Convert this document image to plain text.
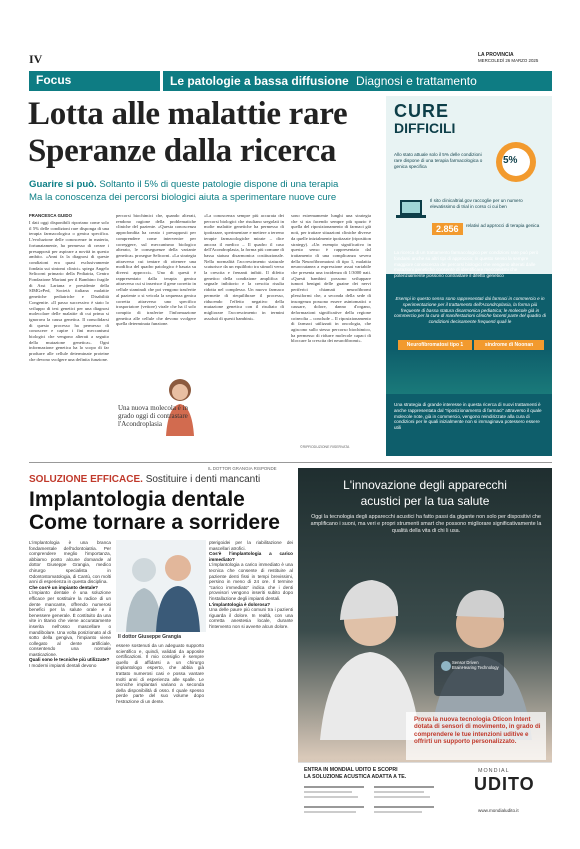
IV	LA PROVINCIA
MERCOLEDÌ 26 MARZO 2025
Focus	Le patologie a bassa diffusione Diagnosi e trattamento
Lotta alle malattie rare
Speranze dalla ricerca
Guarire si può. Soltanto il 5% di queste patologie dispone di una terapia
Ma la conoscenza dei percorsi biologici aiuta a sperimentare nuove cure
FRANCESCA GUIDO
I dati oggi disponibili riportano come solo il 5% delle condizioni rare disponga di una terapia farmacologica o genica specifica. L'evoluzione delle conoscenze in materia, fortunatamente, ha permesso di creare i presupposti per aspirare a novità in questo ambito. «Anni fa la diagnosi di queste condizioni era quasi esclusivamente fondata sui sintomi clinici» spiega Angelo Selicorni primario della Pediatria, Centro Fondazione Mariani per il Bambino fragile di Asst Lariana e presidente della SIMGePed, Società italiana malattie genetiche pediatriche e Disabilità Congenite. «Il passo successivo è stato lo sviluppo di test genetici per una diagnosi molecolare delle malattie di cui prima si ignorava la causa genetica. Il consolidarsi di questo processo ha permesso di conoscere e capire i fini meccanismi biologici che vengono alterati a seguito della mutazione genetica». Ogni informazione genetica ha lo scopo di far produrre alle cellule determinate proteine che devono svolgere una definita funzione.
percorsi biochimici che, quando alterati, rendono ragione della problematiche cliniche del paziente. «Questa conoscenza approfondita ha creato i presupposti per comprendere come intervenire per correggere, sul meccanismo biologico alterato, le conseguenze della variante genetica» prosegue Selicorni. «La strategia attraverso cui tentare di ottenere una modifica del quadro patologico è basata su diversi approcci». Uno di questi è rappresentato dalla terapia genica attraverso cui si inserisce il gene corretto in cellule staminali che poi vengono trasferite al paziente o si veicola la sequenza genica corretta attraverso uno specifico trasportatore (vettore) virale che ha il solo compito di trasferire l'informazione genetica alle cellule che devono svolgere quella determinata funzione.
«La conoscenza sempre più accurata dei percorsi biologici che risultano sregolati in molte malattie genetiche ha permesso di ipotizzare, sperimentare e mettere a terreno terapie farmacologiche mirate – dice ancora il medico – Il quadro il caso dell'Acondroplasia, la forma più comune di bassa statura disarmonica costituzionale. Nella normalità l'accrescimento staturale scaturisce da un equilibrio tra stimoli verso la crescita e frenanti inibiti. Il difetto genetico della condizione amplifica il segnale inibitorio e la crescita risulta ridotta nel complesso. Un nuovo farmaco permette di riequilibrare il processo, riducendo l'effetto negativo della mutazione genetica con il risultato di migliorare l'accrescimento in termini assoluti di questi bambini».
sono estremamente lunghi una strategia che si sta facendo sempre più spazio è quella del riposizionamento di farmaci già noti, per trattare situazioni cliniche diverse da quelle inizialmente ipotizzate (riposition strategy). «Un esempio significativo in questo senso è rappresentato dal trattamento di una complicanza severa della Neurofibromatosi di tipo 1, malattia neurocutanea a espressione assai variabile che presenta una incidenza di 1/3000 nati. «Questi bambini possono sviluppare tumori benigni delle guaine dei nervi periferici chiamati neurofibromi plessiformi che, a seconda della sede di insorgenza possono essere asintomatici o causare, dolore, danno d'organo, deformazioni significative della regione coinvolta – conclude – Il riposizionamento di farmaci utilizzati in oncologia, che agiscono sullo stesso percorso biochimico, ha permesso di ridurre molecole capaci di bloccare la crescita dei neurofibromi».
Una nuova molecola è in grado oggi di contrastare l'Acondroplasia
©RIPRODUZIONE RISERVATA
CURE
DIFFICILI
Allo stato attuale solo il 5% delle condizioni rare dispone di una terapia farmacologica o genica specifica
5%
Il sito clinicaltrial.gov raccoglie per un numero elevatissimo di trial in corso ci cui ben
2.856	relativi ad approcci di terapia genica
La ricerca di un trattamento farmacologico per condizioni rare può però fondarsi anche su altri tipi di approccio; in questo senso la sempre maggiore conoscenza dei percorsi biologici che vengono alterati dalle mutazioni genetiche consente di identificare meccanismi che potenzialmente possono contrastare il difetto genetico
Esempi in questo senso sono rappresentati dai farmaci in commercio e in sperimentazione per il trattamento dell'Acondroplasia, la forma più frequente di bassa statura disarmonica pediatrica; le molecole già in commercio per la cura di manifestazioni cliniche facenti parte del quadro di condizioni decisamente frequenti quali le
Neurofibromatosi tipo 1	sindrome di Noonan
Una strategia di grande interesse in questa ricerca di nuovi trattamenti è anche rappresentata dal "riposizionamento di farmaci" attraverso il quale molecole note, già in commercio, vengono reindirizzate alla cura di condizioni per le quali inizialmente non si immaginava potessero essere utili
IL DOTTOR GRANGIA RISPONDE
SOLUZIONE EFFICACE. Sostituire i denti mancanti
Implantologia dentale
Come tornare a sorridere
L'implantologia è una branca fondamentale dell'odontoiatria. Per comprendere meglio l'importanza, abbiamo posto alcune domande al dottor Giuseppe Grangia, medico chirurgo specialista in Odontostomatologia, di Cantù, con molti anni di esperienza in questa disciplina.
Che cos'è un impianto dentale?
L'impianto dentale è una soluzione efficace per sostituire la radice di un dente mancante, offrendo numerosi benefici per la salute orale e il benessere generale. È costituito da una vite in titanio che viene accuratamente inserita nell'osso mascellare o mandibolare. Una volta posizionato al di sotto della gengiva, l'impianto viene collegato al dente artificiale, consentendo una normale masticazione.
Quali sono le tecniche più utilizzate?
I moderni impianti dentali devono
Il dottor Giuseppe Grangia
essere sostenuti da un adeguato supporto scientifico e, quindi, validati da apposite certificazioni. Il mio consiglio è sempre quello di affidarsi a un chirurgo implantologo esperto, che abbia già trattato numerosi casi e possa vantare molti anni di esperienza alle spalle. Le tecniche implantari variano a seconda della disponibilità di osso. Il quale spesso perde parte del suo volume dopo l'estrazione di un dente.
pterigoidei per la riabilitazione dei mascellari atrofici.
Cos'è l'implantologia a carico immediato?
L'implantologia a carico immediato è una tecnica che consente di restituire al paziente denti fissi in tempi brevissimi, persino in meno di 24 ore. Il termine "carico immediato" indica che i denti provvisori vengono inseriti subito dopo l'installazione degli impianti dentali.
L'implantologia è dolorosa?
Una delle paure più comuni tra i pazienti riguarda il dolore. In realtà, con una corretta anestesia locale, durante l'intervento non si avverte alcun dolore.
L'innovazione degli apparecchi
acustici per la tua salute
Oggi la tecnologia degli apparecchi acustici ha fatto passi da gigante non solo per dispositivi che amplificano i suoni, ma veri e propri strumenti smart che possono migliorare significativamente la qualità della vita di chi li usa.
Sensor Driven BrainHearing Technology
Prova la nuova tecnologia Oticon Intent dotata di sensori di movimento, in grado di comprendere le tue intenzioni uditive e offrirti un supporto personalizzato.
ENTRA IN MONDIAL UDITO E SCOPRI
LA SOLUZIONE ACUSTICA ADATTA A TE.
MONDIAL
UDITO
www.mondialudito.it
